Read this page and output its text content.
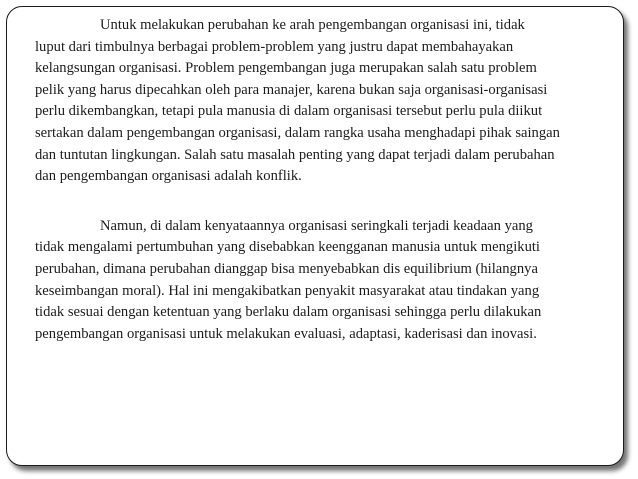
Untuk melakukan perubahan ke arah pengembangan organisasi ini, tidak
luput dari timbulnya berbagai problem-problem yang justru dapat membahayakan
kelangsungan organisasi. Problem pengembangan juga merupakan salah satu problem
pelik yang harus dipecahkan oleh para manajer, karena bukan saja organisasi-organisasi
perlu dikembangkan, tetapi pula manusia di dalam organisasi tersebut perlu pula diikut
sertakan dalam pengembangan organisasi, dalam rangka usaha menghadapi pihak saingan
dan tuntutan lingkungan. Salah satu masalah penting yang dapat terjadi dalam perubahan
dan pengembangan organisasi adalah konflik.
Namun, di dalam kenyataannya organisasi seringkali terjadi keadaan yang
tidak mengalami pertumbuhan yang disebabkan keengganan manusia untuk mengikuti
perubahan, dimana perubahan dianggap bisa menyebabkan dis equilibrium (hilangnya
keseimbangan moral). Hal ini mengakibatkan penyakit masyarakat atau tindakan yang
tidak sesuai dengan ketentuan yang berlaku dalam organisasi sehingga perlu dilakukan
pengembangan organisasi untuk melakukan evaluasi, adaptasi, kaderisasi dan inovasi.
